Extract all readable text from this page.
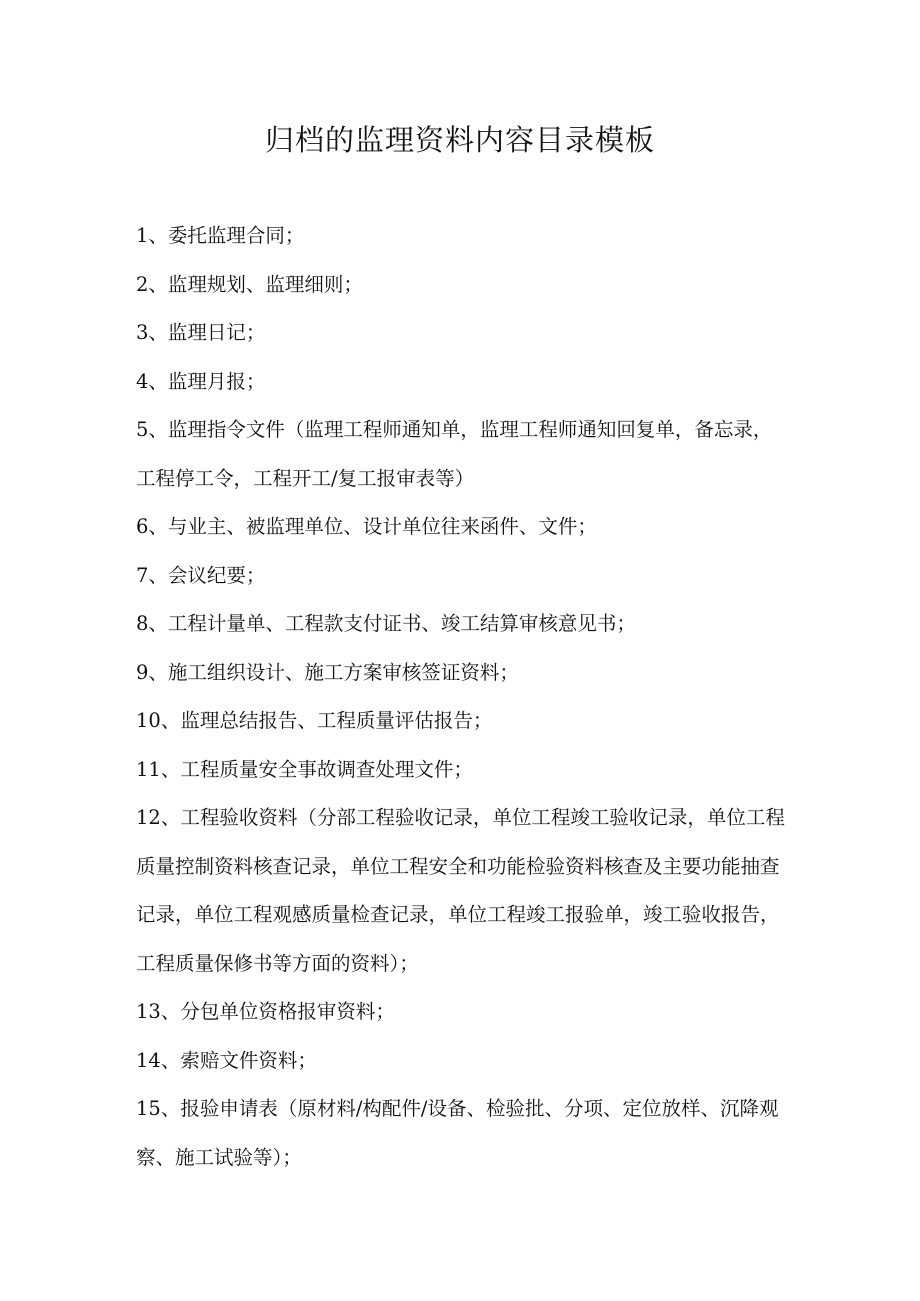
归档的监理资料内容目录模板
1、委托监理合同；
2、监理规划、监理细则；
3、监理日记；
4、监理月报；
5、监理指令文件（监理工程师通知单，监理工程师通知回复单，备忘录，工程停工令，工程开工/复工报审表等）
6、与业主、被监理单位、设计单位往来函件、文件；
7、会议纪要；
8、工程计量单、工程款支付证书、竣工结算审核意见书；
9、施工组织设计、施工方案审核签证资料；
10、监理总结报告、工程质量评估报告；
11、工程质量安全事故调查处理文件；
12、工程验收资料（分部工程验收记录，单位工程竣工验收记录，单位工程质量控制资料核查记录，单位工程安全和功能检验资料核查及主要功能抽查记录，单位工程观感质量检查记录，单位工程竣工报验单，竣工验收报告，工程质量保修书等方面的资料）；
13、分包单位资格报审资料；
14、索赔文件资料；
15、报验申请表（原材料/构配件/设备、检验批、分项、定位放样、沉降观察、施工试验等）；
